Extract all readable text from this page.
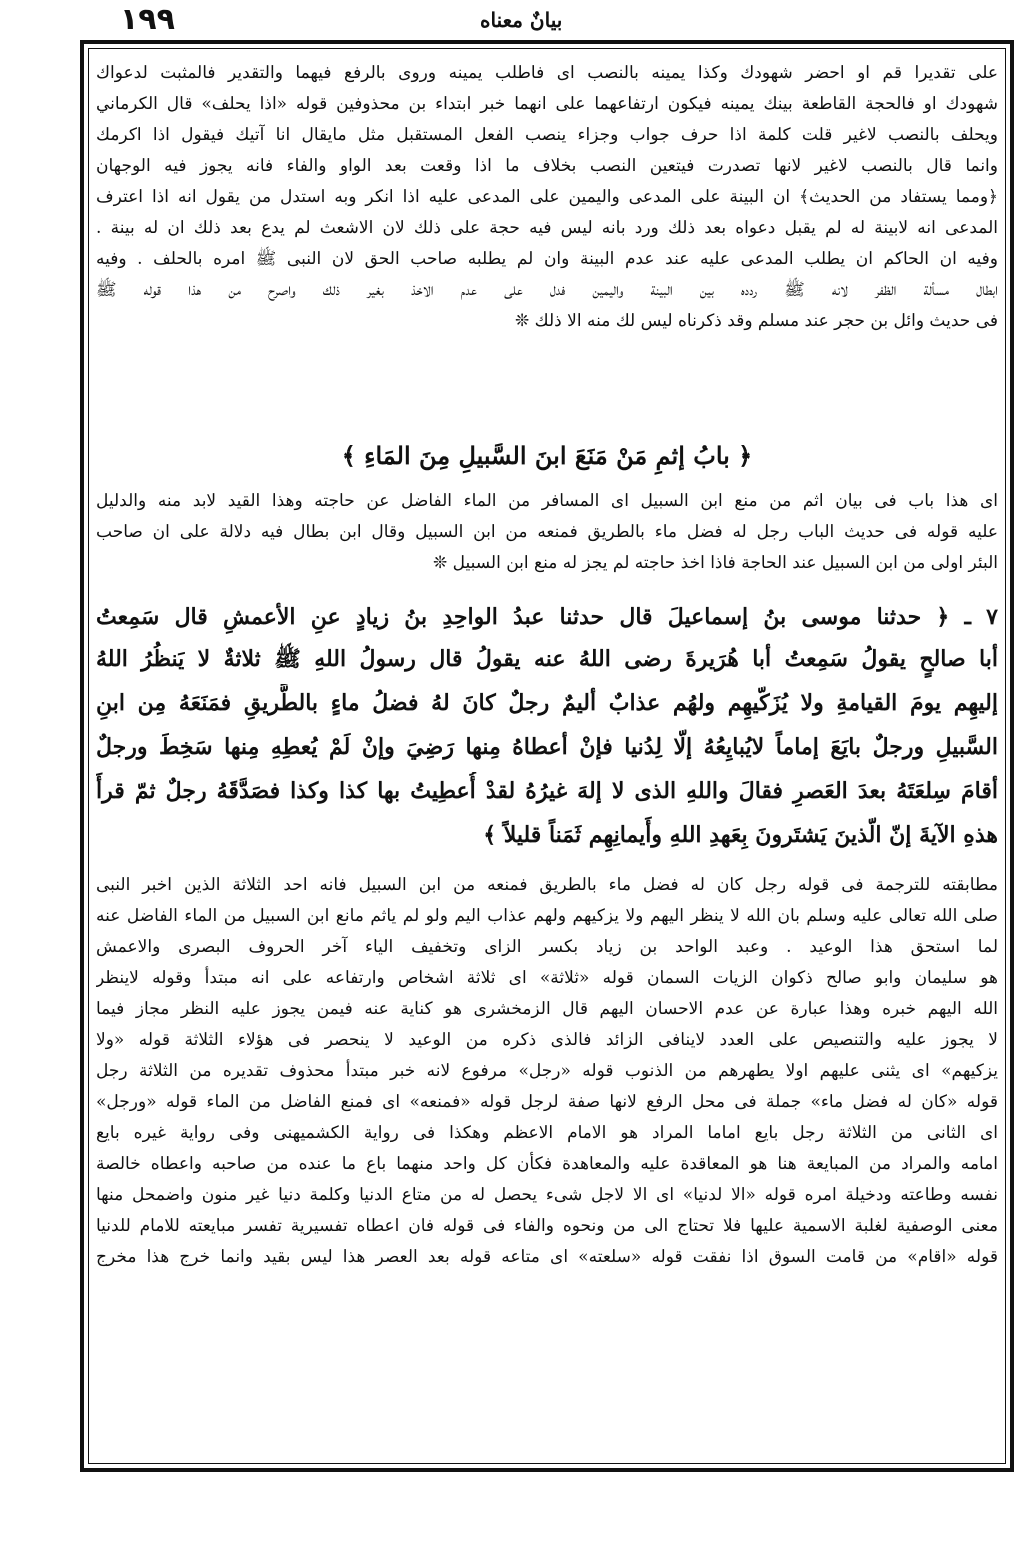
١٩٩	بيانٌ معناه
على تقديرا قم او احضر شهودك وكذا يمينه بالنصب اى فاطلب يمينه وروى بالرفع فيهما والتقدير فالمثبت لدعواك
شهودك او فالحجة القاطعة بينك يمينه فيكون ارتفاعهما على انهما خبر ابتداء بن محذوفين قوله «اذا يحلف» قال الكرماني
ويحلف بالنصب لاغير قلت كلمة اذا حرف جواب وجزاء ينصب الفعل المستقبل مثل مايقال انا آتيك فيقول اذا اكرمك
وانما قال بالنصب لاغير لانها تصدرت فيتعين النصب بخلاف ما اذا وقعت بعد الواو والفاء فانه يجوز فيه الوجهان
﴿ومما يستفاد من الحديث﴾ ان البينة على المدعى واليمين على المدعى عليه اذا انكر وبه استدل من يقول انه اذا اعترف
المدعى انه لابينة له لم يقبل دعواه بعد ذلك ورد بانه ليس فيه حجة على ذلك لان الاشعث لم يدع بعد ذلك ان له بينة .
وفيه ان الحاكم ان يطلب المدعى عليه عند عدم البينة وان لم يطلبه صاحب الحق لان النبى ﷺ امره بالحلف . وفيه
ابطال مسألة الظفر لانه ﷺ ردده بين البينة واليمين فدل على عدم الاخذ بغير ذلك واصرح من هذا قوله ﷺ
فى حديث وائل بن حجر عند مسلم وقد ذكرناه ليس لك منه الا ذلك ❊
﴿ بابُ إثمِ مَنْ مَنَعَ ابنَ السَّبيلِ مِنَ المَاءِ ﴾
اى هذا باب فى بيان اثم من منع ابن السبيل اى المسافر من الماء الفاضل عن حاجته وهذا القيد لابد منه والدليل
عليه قوله فى حديث الباب رجل له فضل ماء بالطريق فمنعه من ابن السبيل وقال ابن بطال فيه دلالة على ان صاحب
البئر اولى من ابن السبيل عند الحاجة فاذا اخذ حاجته لم يجز له منع ابن السبيل ❊
٧ ـ ﴿ حدثنا موسى بنُ إسماعيلَ قال حدثنا عبدُ الواحِدِ بنُ زيادٍ عنِ الأعمشِ قال سَمِعتُ
أبا صالحٍ يقولُ سَمِعتُ أبا هُرَيرةَ رضى اللهُ عنه يقولُ قال رسولُ اللهِ ﷺ ثلاثةٌ لا يَنظُرُ اللهُ
إليهِم يومَ القيامةِ ولا يُزَكّيهِم ولهُم عذابٌ أليمٌ رجلٌ كانَ لهُ فضلُ ماءٍ بالطَّريقِ فمَنَعَهُ مِن ابنِ
السَّبيلِ ورجلٌ بايَعَ إماماً لايُبايِعُهُ إلّا لِدُنيا فإنْ أعطاهُ مِنها رَضِيَ وإنْ لَمْ يُعطِهِ مِنها سَخِطَ ورجلٌ
أقامَ سِلعَتَهُ بعدَ العَصرِ فقالَ واللهِ الذى لا إلهَ غيرُهُ لقدْ أُعطِيتُ بها كذا وكذا فصَدَّقَهُ رجلٌ ثمّ قرأَ
هذهِ الآيةَ إنّ الّذينَ يَشتَرونَ بِعَهدِ اللهِ وأَيمانِهِم ثَمَناً قليلاً ﴾
مطابقته للترجمة فى قوله رجل كان له فضل ماء بالطريق فمنعه من ابن السبيل فانه احد الثلاثة الذين اخبر النبى
صلى الله تعالى عليه وسلم بان الله لا ينظر اليهم ولا يزكيهم ولهم عذاب اليم ولو لم ياثم مانع ابن السبيل من الماء الفاضل عنه
لما استحق هذا الوعيد . وعبد الواحد بن زياد بكسر الزاى وتخفيف الياء آخر الحروف البصرى والاعمش
هو سليمان وابو صالح ذكوان الزيات السمان قوله «ثلاثة» اى ثلاثة اشخاص وارتفاعه على انه مبتدأ وقوله لاينظر
الله اليهم خبره وهذا عبارة عن عدم الاحسان اليهم قال الزمخشرى هو كناية عنه فيمن يجوز عليه النظر مجاز فيما
لا يجوز عليه والتنصيص على العدد لاينافى الزائد فالذى ذكره من الوعيد لا ينحصر فى هؤلاء الثلاثة قوله «ولا
يزكيهم» اى يثنى عليهم اولا يطهرهم من الذنوب قوله «رجل» مرفوع لانه خبر مبتدأ محذوف تقديره من الثلاثة رجل
قوله «كان له فضل ماء» جملة فى محل الرفع لانها صفة لرجل قوله «فمنعه» اى فمنع الفاضل من الماء قوله «ورجل»
اى الثانى من الثلاثة رجل بايع اماما المراد هو الامام الاعظم وهكذا فى رواية الكشميهنى وفى رواية غيره بايع
امامه والمراد من المبايعة هنا هو المعاقدة عليه والمعاهدة فكأن كل واحد منهما باع ما عنده من صاحبه واعطاه خالصة
نفسه وطاعته ودخيلة امره قوله «الا لدنيا» اى الا لاجل شىء يحصل له من متاع الدنيا وكلمة دنيا غير منون واضمحل منها
معنى الوصفية لغلبة الاسمية عليها فلا تحتاج الى من ونحوه والفاء فى قوله فان اعطاه تفسيرية تفسر مبايعته للامام للدنيا
قوله «اقام» من قامت السوق اذا نفقت قوله «سلعته» اى متاعه قوله بعد العصر هذا ليس بقيد وانما خرج هذا مخرج
